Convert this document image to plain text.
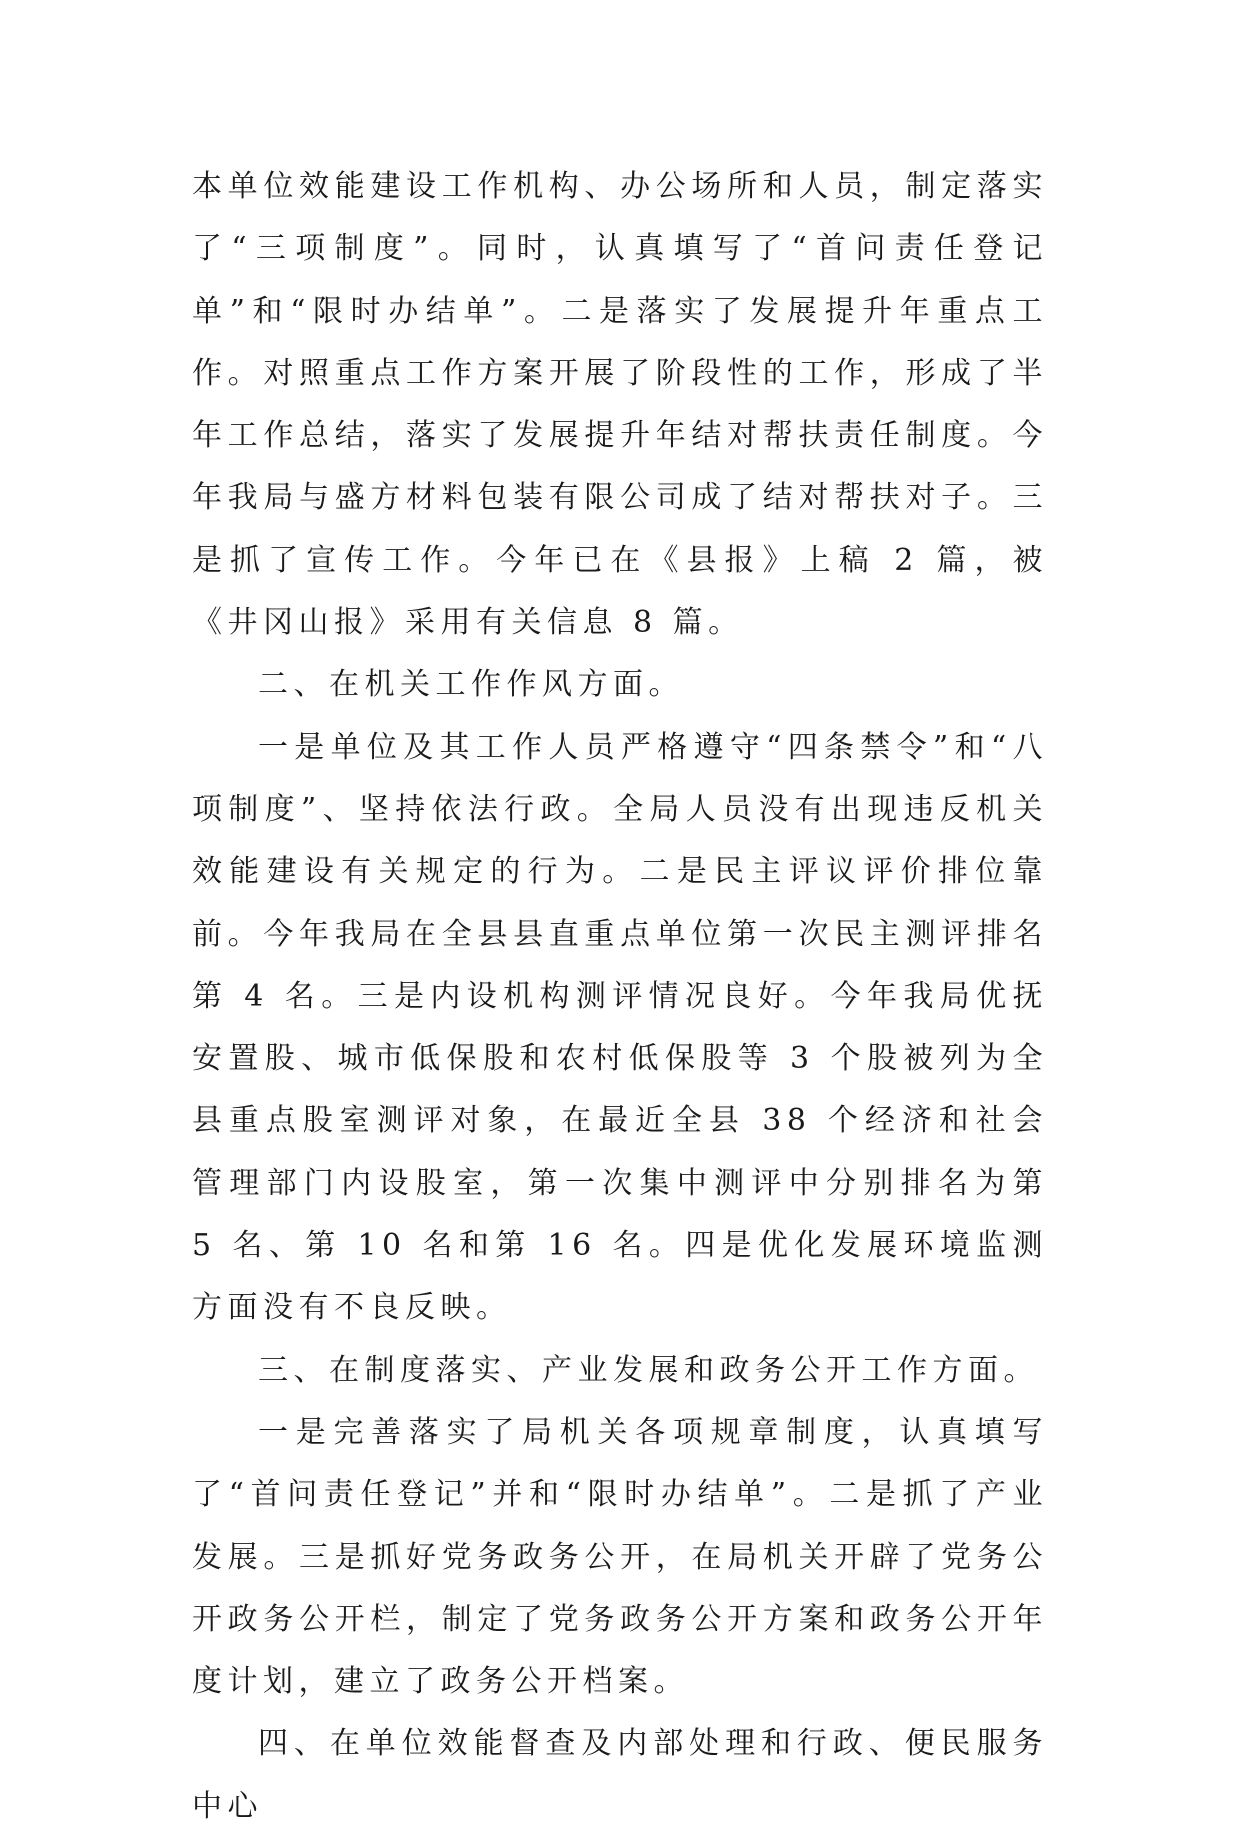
本单位效能建设工作机构、办公场所和人员，制定落实了“三项制度”。同时，认真填写了“首问责任登记单”和“限时办结单”。二是落实了发展提升年重点工作。对照重点工作方案开展了阶段性的工作，形成了半年工作总结，落实了发展提升年结对帮扶责任制度。今年我局与盛方材料包装有限公司成了结对帮扶对子。三是抓了宣传工作。今年已在《县报》上稿 2 篇，被《井冈山报》采用有关信息 8 篇。

二、在机关工作作风方面。

一是单位及其工作人员严格遵守“四条禁令”和“八项制度”、坚持依法行政。全局人员没有出现违反机关效能建设有关规定的行为。二是民主评议评价排位靠前。今年我局在全县县直重点单位第一次民主测评排名第 4 名。三是内设机构测评情况良好。今年我局优抚安置股、城市低保股和农村低保股等 3 个股被列为全县重点股室测评对象，在最近全县 38 个经济和社会管理部门内设股室，第一次集中测评中分别排名为第 5 名、第 10 名和第 16 名。四是优化发展环境监测方面没有不良反映。

三、在制度落实、产业发展和政务公开工作方面。

一是完善落实了局机关各项规章制度，认真填写了“首问责任登记”并和“限时办结单”。二是抓了产业发展。三是抓好党务政务公开，在局机关开辟了党务公开政务公开栏，制定了党务政务公开方案和政务公开年度计划，建立了政务公开档案。

四、在单位效能督查及内部处理和行政、便民服务中心
